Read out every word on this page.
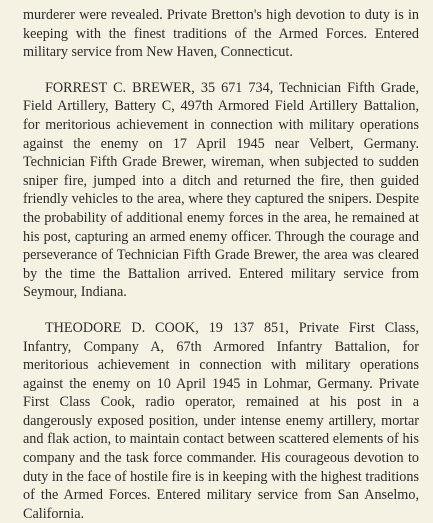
murderer were revealed. Private Bretton's high devotion to duty is in keeping with the finest traditions of the Armed Forces. Entered military service from New Haven, Connecticut.

FORREST C. BREWER, 35 671 734, Technician Fifth Grade, Field Artillery, Battery C, 497th Armored Field Artillery Battalion, for meritorious achievement in connection with military operations against the enemy on 17 April 1945 near Velbert, Germany. Technician Fifth Grade Brewer, wireman, when subjected to sudden sniper fire, jumped into a ditch and returned the fire, then guided friendly vehicles to the area, where they captured the snipers. Despite the probability of additional enemy forces in the area, he remained at his post, capturing an armed enemy officer. Through the courage and perseverance of Technician Fifth Grade Brewer, the area was cleared by the time the Battalion arrived. Entered military service from Seymour, Indiana.

THEODORE D. COOK, 19 137 851, Private First Class, Infantry, Company A, 67th Armored Infantry Battalion, for meritorious achievement in connection with military operations against the enemy on 10 April 1945 in Lohmar, Germany. Private First Class Cook, radio operator, remained at his post in a dangerously exposed position, under intense enemy artillery, mortar and flak action, to maintain contact between scattered elements of his company and the task force commander. His courageous devotion to duty in the face of hostile fire is in keeping with the highest traditions of the Armed Forces. Entered military service from San Anselmo, California.
